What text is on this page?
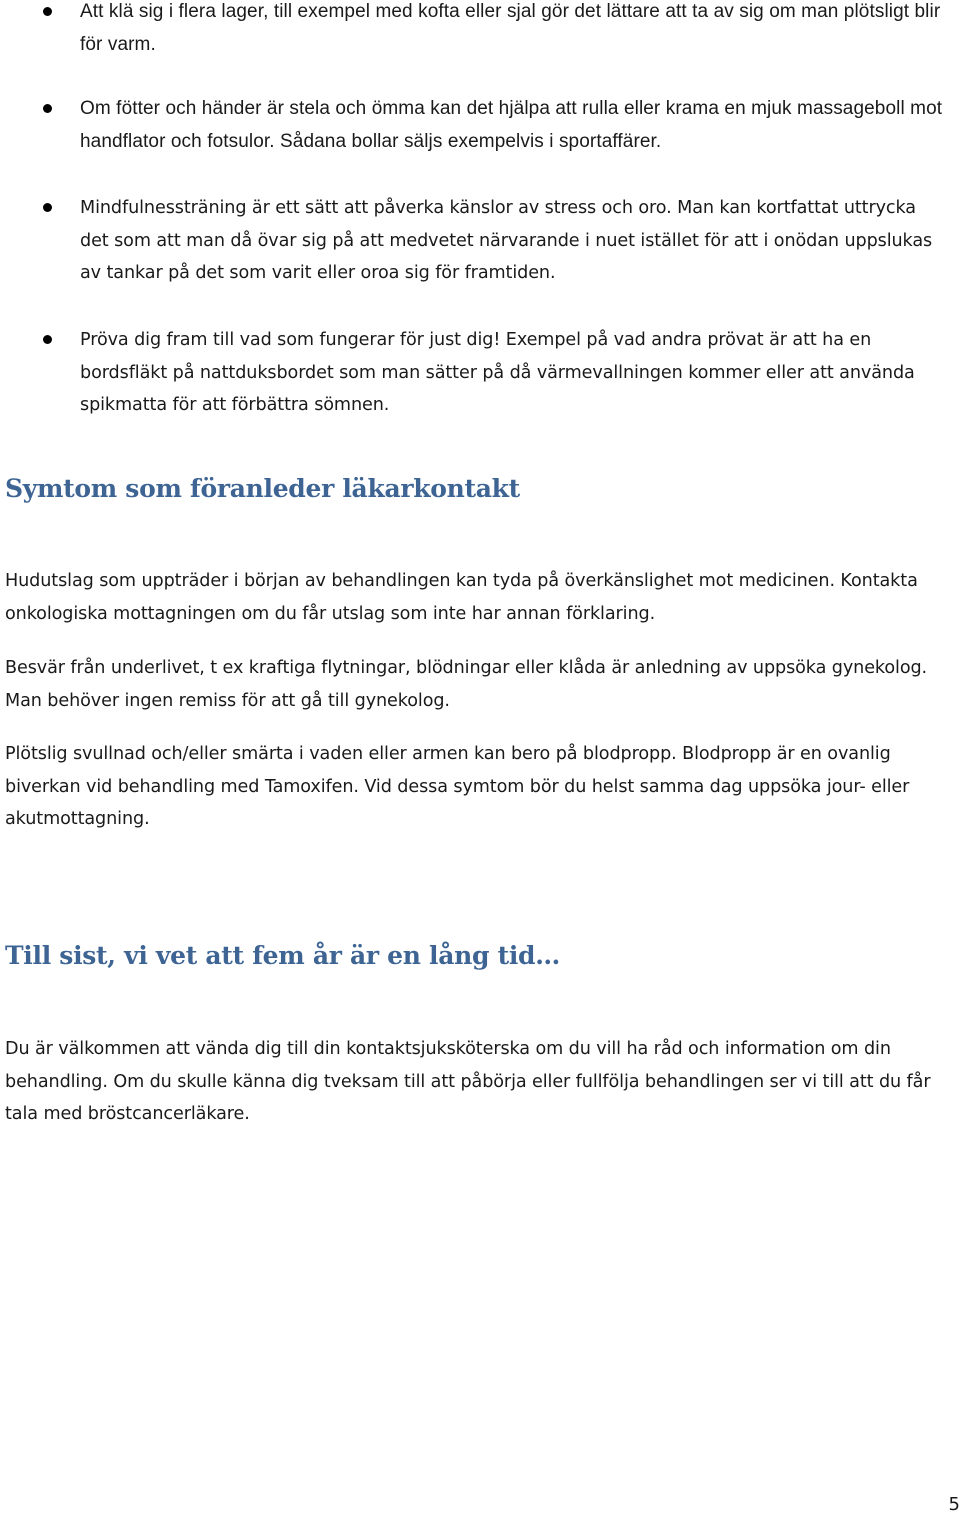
Att klä sig i flera lager, till exempel med kofta eller sjal gör det lättare att ta av sig om man plötsligt blir för varm.

Om fötter och händer är stela och ömma kan det hjälpa att rulla eller krama en mjuk massageboll mot handflator och fotsulor. Sådana bollar säljs exempelvis i sportaffärer.

Mindfulnessträning är ett sätt att påverka känslor av stress och oro. Man kan kortfattat uttrycka det som att man då övar sig på att medvetet närvarande i nuet istället för att i onödan uppslukas av tankar på det som varit eller oroa sig för framtiden.

Pröva dig fram till vad som fungerar för just dig! Exempel på vad andra prövat är att ha en bordsfläkt på nattduksbordet som man sätter på då värmevallningen kommer eller att använda spikmatta för att förbättra sömnen.

Symtom som föranleder läkarkontakt

Hudutslag som uppträder i början av behandlingen kan tyda på överkänslighet mot medicinen. Kontakta onkologiska mottagningen om du får utslag som inte har annan förklaring.

Besvär från underlivet, t ex kraftiga flytningar, blödningar eller klåda är anledning av uppsöka gynekolog. Man behöver ingen remiss för att gå till gynekolog.

Plötslig svullnad och/eller smärta i vaden eller armen kan bero på blodpropp. Blodpropp är en ovanlig biverkan vid behandling med Tamoxifen. Vid dessa symtom bör du helst samma dag uppsöka jour- eller akutmottagning.

Till sist, vi vet att fem år är en lång tid…

Du är välkommen att vända dig till din kontaktsjuksköterska om du vill ha råd och information om din behandling. Om du skulle känna dig tveksam till att påbörja eller fullfölja behandlingen ser vi till att du får tala med bröstcancerläkare.

5
